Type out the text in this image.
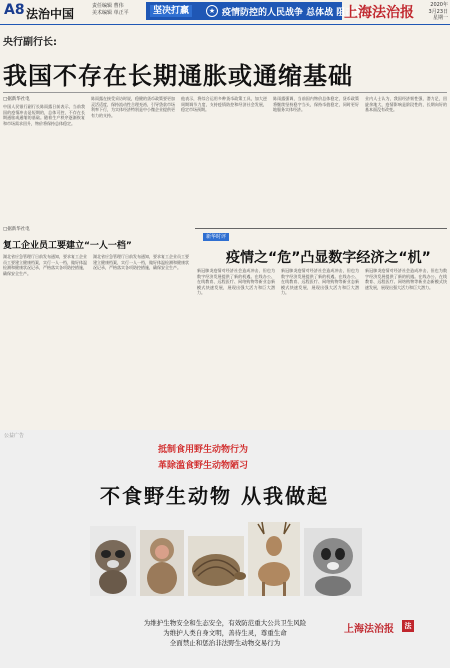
A8 法治中国
责任编辑 曹伟
美术编辑 单正平	坚决打赢	★ 疫情防控的人民战争 总体战 阻击战
上海法治报	2020年
3月23日
星期一
央行副行长:
我国不存在长期通胀或通缩基础
□据新华社电
中国人民银行副行长陈雨露日前表示，当前我国的疫情冲击是短期的，总体可控，不存在长期通胀或通缩的基础。随着生产秩序逐渐恢复和市场需求回升，物价将保持总体稳定。
陈雨露在接受采访时说，稳健的货币政策要更加灵活适度，保持流动性合理充裕，引导贷款市场利率下行，为实体经济特别是中小微企业提供更有力的支持。
他表示，将综合运用多种货币政策工具，加大逆周期调节力度，支持疫情防控和经济社会发展，稳定市场预期。
陈雨露强调，当前国内物价总体稳定，货币政策将继续坚持稳字当头，保持币值稳定，同时更好地服务实体经济。
业内人士认为，我国经济韧性强，潜力足，回旋余地大，疫情影响是阶段性的，长期向好的基本面没有改变。
□据新华社电
复工企业员工要建立“一人一档”
湖北省应急管理厅日前发布通知，要求复工企业员工要建立健康档案，实行一人一档，做好体温检测和健康状况记录，严格落实各项防控措施，确保安全生产。
湖北省应急管理厅日前发布通知，要求复工企业员工要建立健康档案，实行一人一档，做好体温检测和健康状况记录，严格落实各项防控措施，确保安全生产。
新华时评
疫情之“危”凸显数字经济之“机”
新冠肺炎疫情对经济社会造成冲击，但也为数字经济发展提供了新的机遇。在线办公、在线教育、远程医疗、网络购物等新业态新模式快速发展，展现出强大活力和巨大潜力。
新冠肺炎疫情对经济社会造成冲击，但也为数字经济发展提供了新的机遇。在线办公、在线教育、远程医疗、网络购物等新业态新模式快速发展，展现出强大活力和巨大潜力。
新冠肺炎疫情对经济社会造成冲击，但也为数字经济发展提供了新的机遇。在线办公、在线教育、远程医疗、网络购物等新业态新模式快速发展，展现出强大活力和巨大潜力。
公益广告
抵制食用野生动物行为
革除滥食野生动物陋习
不食野生动物 从我做起
为维护生物安全和生态安全，有效防范重大公共卫生风险
为维护人类自身文明，善待生灵，尊重生命
全面禁止和惩治非法野生动物交易行为
上海法治报	法
